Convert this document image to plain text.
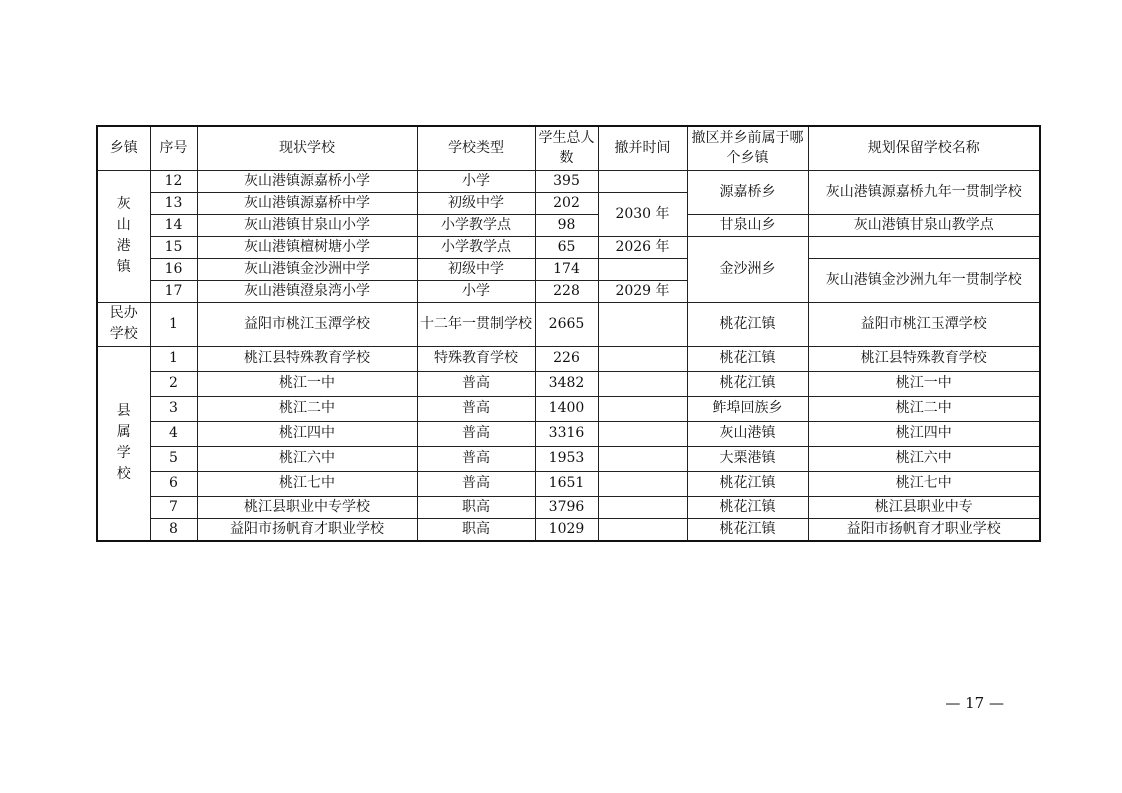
乡镇	序号	现状学校	学校类型	学生总人数	撤并时间	撤区并乡前属于哪个乡镇	规划保留学校名称

灰
山
港
镇	12	灰山港镇源嘉桥小学	小学	395		源嘉桥乡	灰山港镇源嘉桥九年一贯制学校
	13	灰山港镇源嘉桥中学	初级中学	202	2030 年		
	14	灰山港镇甘泉山小学	小学教学点	98		甘泉山乡	灰山港镇甘泉山教学点
	15	灰山港镇檀树塘小学	小学教学点	65	2026 年	金沙洲乡	
	16	灰山港镇金沙洲中学	初级中学	174			灰山港镇金沙洲九年一贯制学校
	17	灰山港镇澄泉湾小学	小学	228	2029 年		

民办
学校	1	益阳市桃江玉潭学校	十二年一贯制学校	2665		桃花江镇	益阳市桃江玉潭学校

县
属
学
校	1	桃江县特殊教育学校	特殊教育学校	226		桃花江镇	桃江县特殊教育学校
	2	桃江一中	普高	3482		桃花江镇	桃江一中
	3	桃江二中	普高	1400		鲊埠回族乡	桃江二中
	4	桃江四中	普高	3316		灰山港镇	桃江四中
	5	桃江六中	普高	1953		大栗港镇	桃江六中
	6	桃江七中	普高	1651		桃花江镇	桃江七中
	7	桃江县职业中专学校	职高	3796		桃花江镇	桃江县职业中专
	8	益阳市扬帆育才职业学校	职高	1029		桃花江镇	益阳市扬帆育才职业学校
— 17 —
